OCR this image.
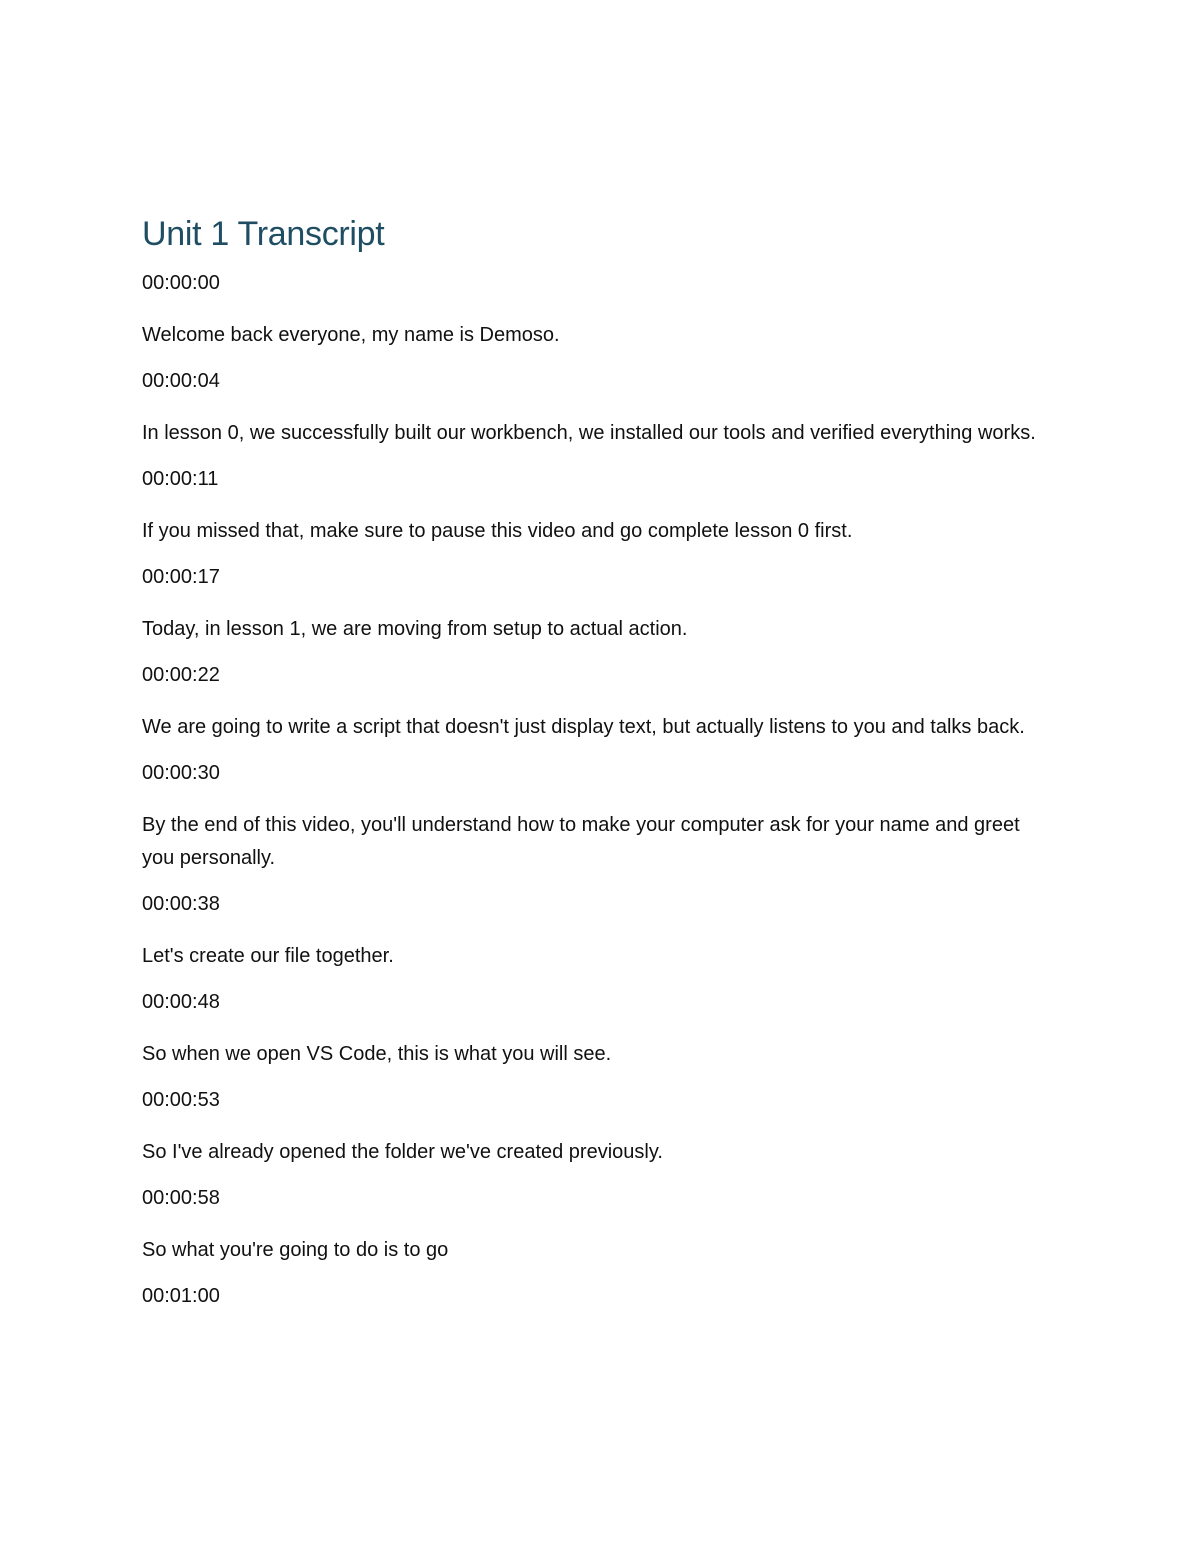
Unit 1 Transcript

00:00:00

Welcome back everyone, my name is Demoso.

00:00:04

In lesson 0, we successfully built our workbench, we installed our tools and verified everything works.

00:00:11

If you missed that, make sure to pause this video and go complete lesson 0 first.

00:00:17

Today, in lesson 1, we are moving from setup to actual action.

00:00:22

We are going to write a script that doesn't just display text, but actually listens to you and talks back.

00:00:30

By the end of this video, you'll understand how to make your computer ask for your name and greet you personally.

00:00:38

Let's create our file together.

00:00:48

So when we open VS Code, this is what you will see.

00:00:53

So I've already opened the folder we've created previously.

00:00:58

So what you're going to do is to go

00:01:00
